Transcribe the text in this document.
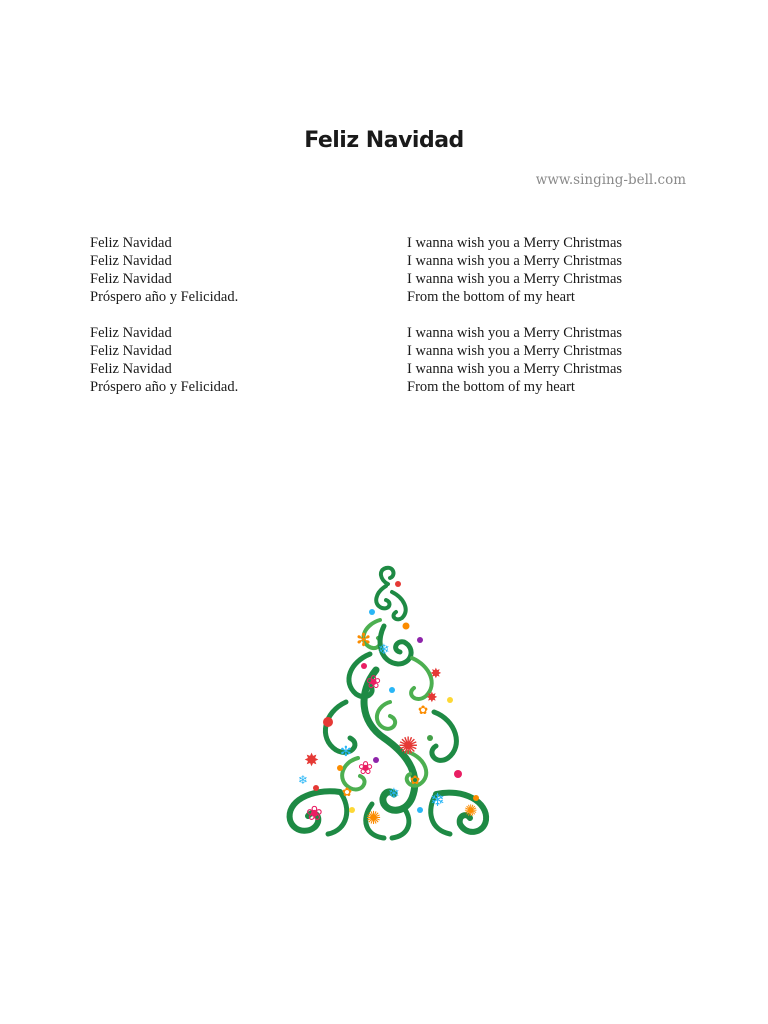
Feliz Navidad
www.singing-bell.com
Feliz Navidad
Feliz Navidad
Feliz Navidad
Próspero año y Felicidad.
Feliz Navidad
Feliz Navidad
Feliz Navidad
Próspero año y Felicidad.
I wanna wish you a Merry Christmas
I wanna wish you a Merry Christmas
I wanna wish you a Merry Christmas
From the bottom of my heart
I wanna wish you a Merry Christmas
I wanna wish you a Merry Christmas
I wanna wish you a Merry Christmas
From the bottom of my heart
✻ ❄
❀
✸
✺
✻
✸ ❀
❄
✿	❄
✿
❀ ✺
❄ ✺
✿
✸
